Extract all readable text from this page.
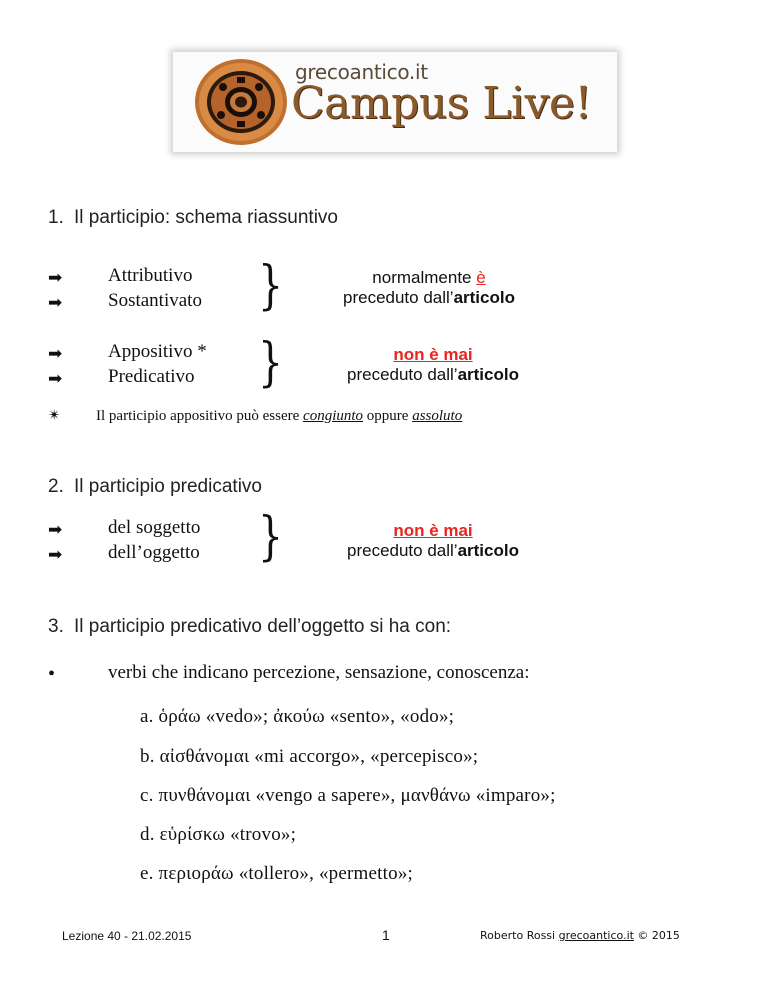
grecoantico.it
Campus Live!
1. Il participio: schema riassuntivo
➡ Attributivo
➡ Sostantivato }	normalmente è
preceduto dall’articolo
➡ Appositivo *
➡ Predicativo }	non è mai
preceduto dall’articolo
✴ Il participio appositivo può essere congiunto oppure assoluto
2. Il participio predicativo
➡ del soggetto
➡ dell’oggetto }	non è mai
preceduto dall’articolo
3. Il participio predicativo dell’oggetto si ha con:
•	verbi che indicano percezione, sensazione, conoscenza:
a. ὁράω «vedo»; ἀκούω «sento», «odo»;
b. αἰσθάνομαι «mi accorgo», «percepisco»;
c. πυνθάνομαι «vengo a sapere», μανθάνω «imparo»;
d. εὑρίσκω «trovo»;
e. περιοράω «tollero», «permetto»;
Lezione 40 - 21.02.2015	1	Roberto Rossi grecoantico.it © 2015
